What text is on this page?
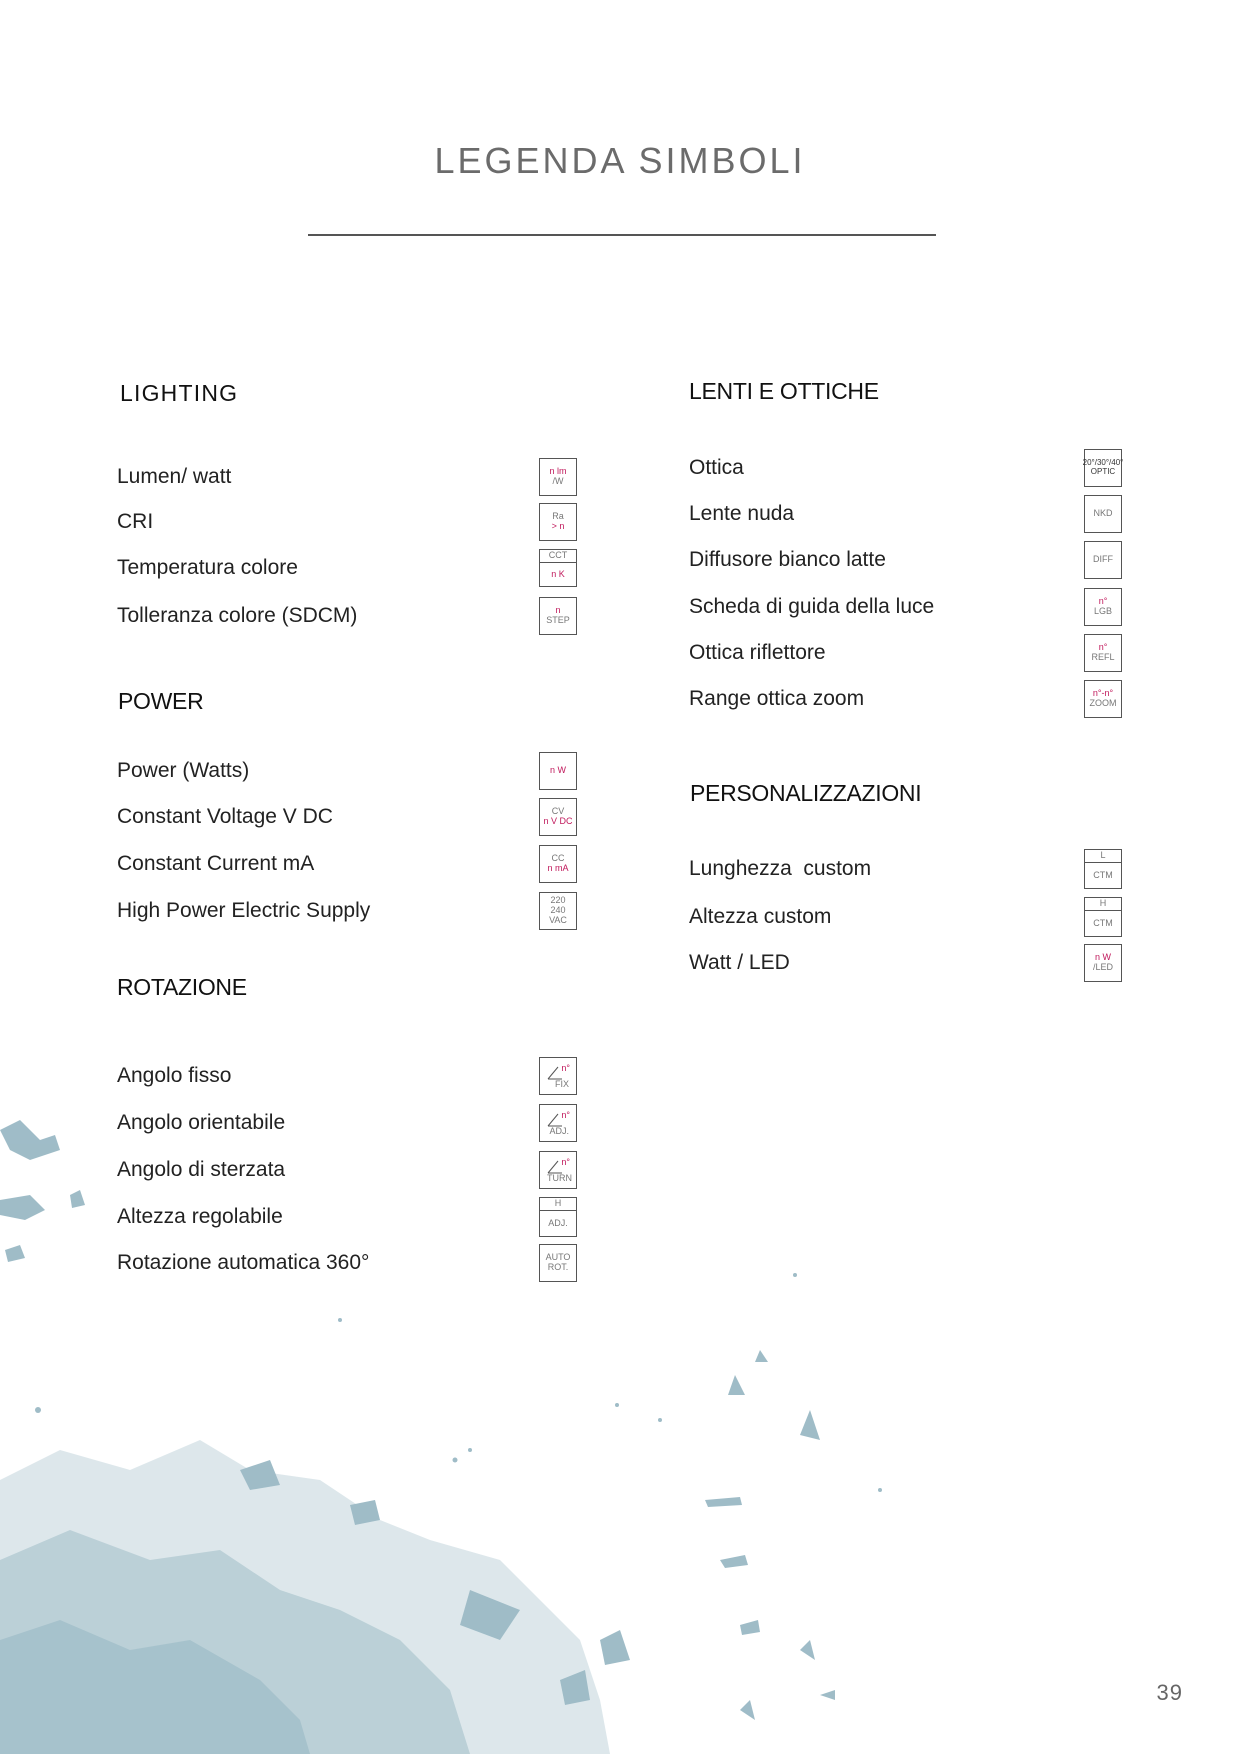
LEGENDA SIMBOLI
LIGHTING
Lumen/ watt	n lm
/W
CRI	Ra
> n
Temperatura colore
CCT
n K
Tolleranza colore (SDCM)	n
STEP
POWER
Power (Watts)	n W
Constant Voltage V DC	CV
n V DC
Constant Current mA	CC
n mA
High Power Electric Supply	220
240
VAC
ROTAZIONE
Angolo fisso	n°
FIX
Angolo orientabile	n°
ADJ.
Angolo di sterzata	n°
TURN
Altezza regolabile
H
ADJ.
Rotazione automatica 360°	AUTO
ROT.
LENTI E OTTICHE
Ottica	20°/30°/40°
OPTIC
Lente nuda	NKD
Diffusore bianco latte	DIFF
Scheda di guida della luce	n°
LGB
Ottica riflettore	n°
REFL
Range ottica zoom	n°-n°
ZOOM
PERSONALIZZAZIONI
Lunghezza  custom
L
CTM
Altezza custom
H
CTM
Watt / LED	n W
/LED
39
